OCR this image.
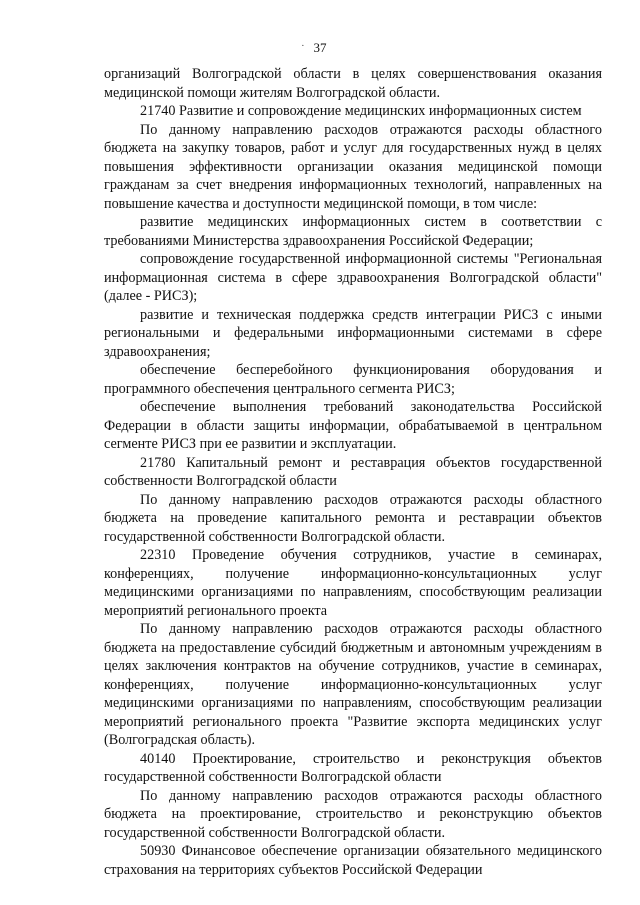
· 37

организаций Волгоградской области в целях совершенствования оказания медицинской помощи жителям Волгоградской области.

21740 Развитие и сопровождение медицинских информационных систем

По данному направлению расходов отражаются расходы областного бюджета на закупку товаров, работ и услуг для государственных нужд в целях повышения эффективности организации оказания медицинской помощи гражданам за счет внедрения информационных технологий, направленных на повышение качества и доступности медицинской помощи, в том числе:

развитие медицинских информационных систем в соответствии с требованиями Министерства здравоохранения Российской Федерации;

сопровождение государственной информационной системы "Региональная информационная система в сфере здравоохранения Волгоградской области" (далее - РИСЗ);

развитие и техническая поддержка средств интеграции РИСЗ с иными региональными и федеральными информационными системами в сфере здравоохранения;

обеспечение бесперебойного функционирования оборудования и программного обеспечения центрального сегмента РИСЗ;

обеспечение выполнения требований законодательства Российской Федерации в области защиты информации, обрабатываемой в центральном сегменте РИСЗ при ее развитии и эксплуатации.

21780 Капитальный ремонт и реставрация объектов государственной собственности Волгоградской области

По данному направлению расходов отражаются расходы областного бюджета на проведение капитального ремонта и реставрации объектов государственной собственности Волгоградской области.

22310 Проведение обучения сотрудников, участие в семинарах, конференциях, получение информационно-консультационных услуг медицинскими организациями по направлениям, способствующим реализации мероприятий регионального проекта

По данному направлению расходов отражаются расходы областного бюджета на предоставление субсидий бюджетным и автономным учреждениям в целях заключения контрактов на обучение сотрудников, участие в семинарах, конференциях, получение информационно-консультационных услуг медицинскими организациями по направлениям, способствующим реализации мероприятий регионального проекта "Развитие экспорта медицинских услуг (Волгоградская область).

40140 Проектирование, строительство и реконструкция объектов государственной собственности Волгоградской области

По данному направлению расходов отражаются расходы областного бюджета на проектирование, строительство и реконструкцию объектов государственной собственности Волгоградской области.

50930 Финансовое обеспечение организации обязательного медицинского страхования на территориях субъектов Российской Федерации
